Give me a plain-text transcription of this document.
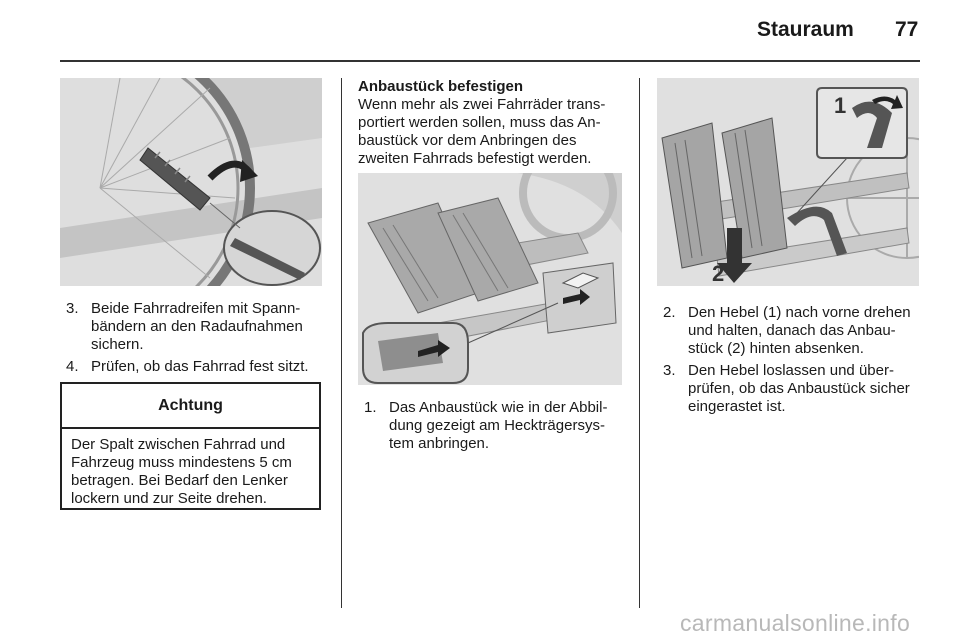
Stauraum 77
3. Beide Fahrradreifen mit Spann-
bändern an den Radaufnahmen
sichern.
4. Prüfen, ob das Fahrrad fest sitzt.
Achtung
Der Spalt zwischen Fahrrad und
Fahrzeug muss mindestens 5 cm
betragen. Bei Bedarf den Lenker
lockern und zur Seite drehen.
Anbaustück befestigen
Wenn mehr als zwei Fahrräder trans-
portiert werden sollen, muss das An-
baustück vor dem Anbringen des
zweiten Fahrrads befestigt werden.
1. Das Anbaustück wie in der Abbil-
dung gezeigt am Heckträgersys-
tem anbringen.
2
1
2. Den Hebel (1) nach vorne drehen
und halten, danach das Anbau-
stück (2) hinten absenken.
3. Den Hebel loslassen und über-
prüfen, ob das Anbaustück sicher
eingerastet ist.
carmanualsonline.info
